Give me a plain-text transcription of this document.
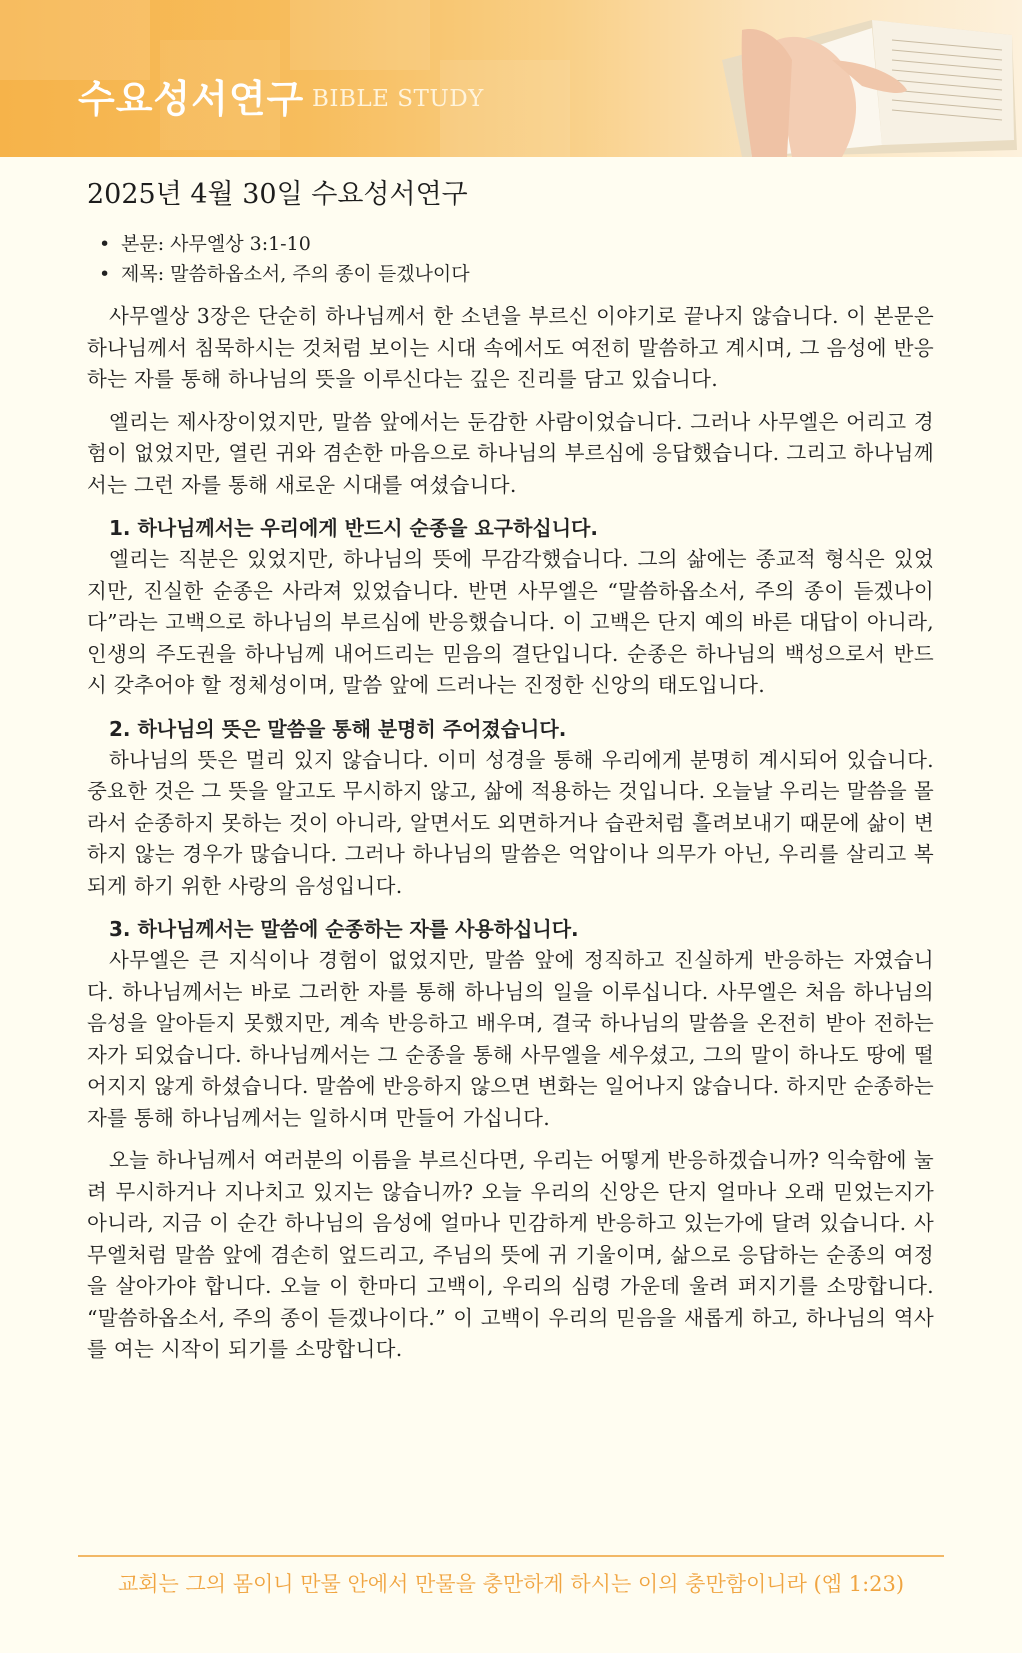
수요성서연구 BIBLE STUDY
2025년 4월 30일 수요성서연구
• 본문: 사무엘상 3:1-10
• 제목: 말씀하옵소서, 주의 종이 듣겠나이다

사무엘상 3장은 단순히 하나님께서 한 소년을 부르신 이야기로 끝나지 않습니다. 이 본문은 하나님께서 침묵하시는 것처럼 보이는 시대 속에서도 여전히 말씀하고 계시며, 그 음성에 반응하는 자를 통해 하나님의 뜻을 이루신다는 깊은 진리를 담고 있습니다.

엘리는 제사장이었지만, 말씀 앞에서는 둔감한 사람이었습니다. 그러나 사무엘은 어리고 경험이 없었지만, 열린 귀와 겸손한 마음으로 하나님의 부르심에 응답했습니다. 그리고 하나님께서는 그런 자를 통해 새로운 시대를 여셨습니다.

1. 하나님께서는 우리에게 반드시 순종을 요구하십니다.

엘리는 직분은 있었지만, 하나님의 뜻에 무감각했습니다. 그의 삶에는 종교적 형식은 있었지만, 진실한 순종은 사라져 있었습니다. 반면 사무엘은 “말씀하옵소서, 주의 종이 듣겠나이다”라는 고백으로 하나님의 부르심에 반응했습니다. 이 고백은 단지 예의 바른 대답이 아니라, 인생의 주도권을 하나님께 내어드리는 믿음의 결단입니다. 순종은 하나님의 백성으로서 반드시 갖추어야 할 정체성이며, 말씀 앞에 드러나는 진정한 신앙의 태도입니다.

2. 하나님의 뜻은 말씀을 통해 분명히 주어졌습니다.

하나님의 뜻은 멀리 있지 않습니다. 이미 성경을 통해 우리에게 분명히 계시되어 있습니다. 중요한 것은 그 뜻을 알고도 무시하지 않고, 삶에 적용하는 것입니다. 오늘날 우리는 말씀을 몰라서 순종하지 못하는 것이 아니라, 알면서도 외면하거나 습관처럼 흘려보내기 때문에 삶이 변하지 않는 경우가 많습니다. 그러나 하나님의 말씀은 억압이나 의무가 아닌, 우리를 살리고 복되게 하기 위한 사랑의 음성입니다.

3. 하나님께서는 말씀에 순종하는 자를 사용하십니다.

사무엘은 큰 지식이나 경험이 없었지만, 말씀 앞에 정직하고 진실하게 반응하는 자였습니다. 하나님께서는 바로 그러한 자를 통해 하나님의 일을 이루십니다. 사무엘은 처음 하나님의 음성을 알아듣지 못했지만, 계속 반응하고 배우며, 결국 하나님의 말씀을 온전히 받아 전하는 자가 되었습니다. 하나님께서는 그 순종을 통해 사무엘을 세우셨고, 그의 말이 하나도 땅에 떨어지지 않게 하셨습니다. 말씀에 반응하지 않으면 변화는 일어나지 않습니다. 하지만 순종하는 자를 통해 하나님께서는 일하시며 만들어 가십니다.

오늘 하나님께서 여러분의 이름을 부르신다면, 우리는 어떻게 반응하겠습니까? 익숙함에 눌려 무시하거나 지나치고 있지는 않습니까? 오늘 우리의 신앙은 단지 얼마나 오래 믿었는지가 아니라, 지금 이 순간 하나님의 음성에 얼마나 민감하게 반응하고 있는가에 달려 있습니다. 사무엘처럼 말씀 앞에 겸손히 엎드리고, 주님의 뜻에 귀 기울이며, 삶으로 응답하는 순종의 여정을 살아가야 합니다. 오늘 이 한마디 고백이, 우리의 심령 가운데 울려 퍼지기를 소망합니다. “말씀하옵소서, 주의 종이 듣겠나이다.” 이 고백이 우리의 믿음을 새롭게 하고, 하나님의 역사를 여는 시작이 되기를 소망합니다.

교회는 그의 몸이니 만물 안에서 만물을 충만하게 하시는 이의 충만함이니라 (엡 1:23)
